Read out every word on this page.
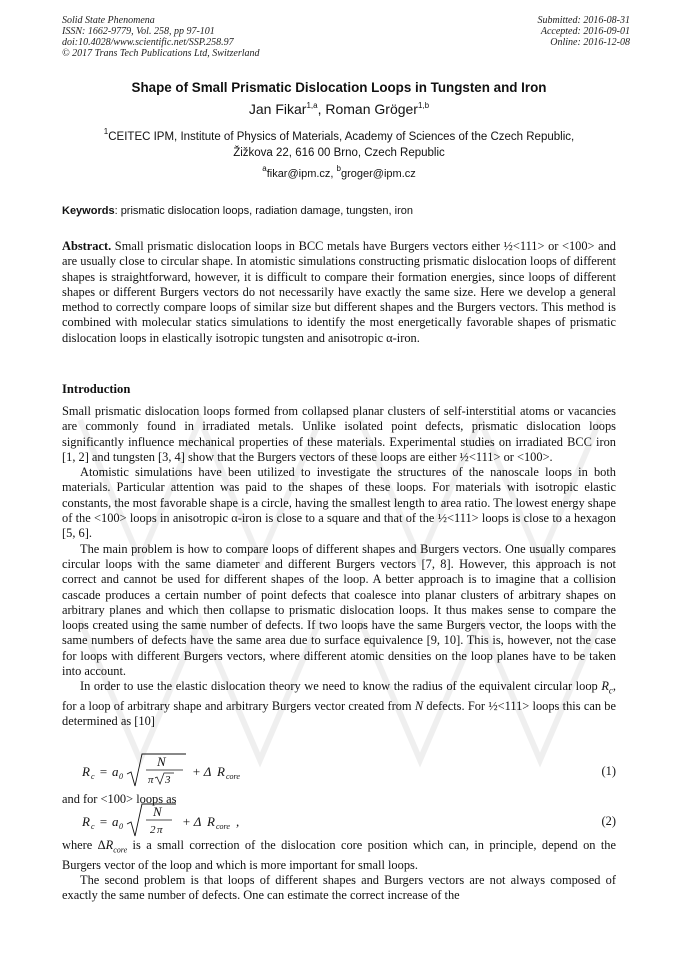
Solid State Phenomena
ISSN: 1662-9779, Vol. 258, pp 97-101
doi:10.4028/www.scientific.net/SSP.258.97
© 2017 Trans Tech Publications Ltd, Switzerland
Submitted: 2016-08-31
Accepted: 2016-09-01
Online: 2016-12-08
Shape of Small Prismatic Dislocation Loops in Tungsten and Iron
Jan Fikar$^{1,a}$, Roman Gröger$^{1,b}$
$^1$CEITEC IPM, Institute of Physics of Materials, Academy of Sciences of the Czech Republic,
Žižkova 22, 616 00 Brno, Czech Republic
$^a$fikar@ipm.cz, $^b$groger@ipm.cz
Keywords: prismatic dislocation loops, radiation damage, tungsten, iron
Abstract. Small prismatic dislocation loops in BCC metals have Burgers vectors either ½<111> or <100> and are usually close to circular shape. In atomistic simulations constructing prismatic dislocation loops of different shapes is straightforward, however, it is difficult to compare their formation energies, since loops of different shapes or different Burgers vectors do not necessarily have exactly the same size. Here we develop a general method to correctly compare loops of similar size but different shapes and the Burgers vectors. This method is combined with molecular statics simulations to identify the most energetically favorable shapes of prismatic dislocation loops in elastically isotropic tungsten and anisotropic α-iron.
Introduction

Small prismatic dislocation loops formed from collapsed planar clusters of self-interstitial atoms or vacancies are commonly found in irradiated metals. Unlike isolated point defects, prismatic dislocation loops significantly influence mechanical properties of these materials. Experimental studies on irradiated BCC iron [1, 2] and tungsten [3, 4] show that the Burgers vectors of these loops are either ½<111> or <100>.

Atomistic simulations have been utilized to investigate the structures of the nanoscale loops in both materials. Particular attention was paid to the shapes of these loops. For materials with isotropic elastic constants, the most favorable shape is a circle, having the smallest length to area ratio. The lowest energy shape of the <100> loops in anisotropic α-iron is close to a square and that of the ½<111> loops is close to a hexagon [5, 6].

The main problem is how to compare loops of different shapes and Burgers vectors. One usually compares circular loops with the same diameter and different Burgers vectors [7, 8]. However, this approach is not correct and cannot be used for different shapes of the loop. A better approach is to imagine that a collision cascade produces a certain number of point defects that coalesce into planar clusters of arbitrary shapes on arbitrary planes and which then collapse to prismatic dislocation loops. It thus makes sense to compare the loops created using the same number of defects. If two loops have the same Burgers vector, the loops with the same numbers of defects have the same area due to surface equivalence [9, 10]. This is, however, not the case for loops with different Burgers vectors, where different atomic densities on the loop planes have to be taken into account.

In order to use the elastic dislocation theory we need to know the radius of the equivalent circular loop $R_c$, for a loop of arbitrary shape and arbitrary Burgers vector created from N defects. For ½<111> loops this can be determined as [10]

R c = a 0
N
π 3
+ Δ R core	(1)
and for <100> loops as
R c = a 0
N
2 π
+ Δ R core ,	(2)

where $\Delta R_{core}$ is a small correction of the dislocation core position which can, in principle, depend on the Burgers vector of the loop and which is more important for small loops.

The second problem is that loops of different shapes and Burgers vectors are not always composed of exactly the same number of defects. One can estimate the correct increase of the
